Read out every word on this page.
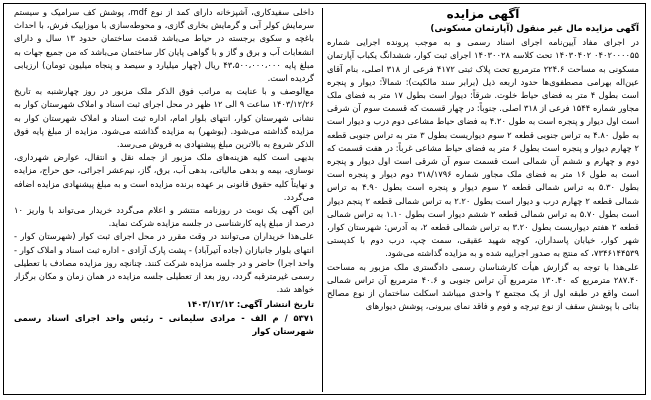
آگهی مزایده
آگهی مزایده مال غیر منقول (آپارتمان مسکونی)

در اجرای مفاد آیین‌نامه اجرای اسناد رسمی و به موجب پرونده اجرایی شماره ۰۴۰۲۰۰۰۰۵۵ ۱۴۰۳۰۴۰۲ تحت کلاسه ۱۴۰۳۰۰۲۸ اجرای ثبت کوار، ششدانگ یکباب آپارتمان مسکونی به مساحت ۲۲۴.۶ مترمربع تحت پلاک ثبتی ۴۱۷۲ فرعی از ۳۱۸ اصلی، بنام آقای عین‌اله بهرامی مصطفوی‌ها حدود اربعه ذیل (برابر سند مالکیت): شمالاً: دیوار و پنجره است بطول ۴ متر به فضای حیاط خلوت. شرقاً: دیوار است بطول ۱۷ متر به فضای ملک مجاور شماره ۱۵۴۴ فرعی از ۳۱۸ اصلی. جنوباً: در چهار قسمت که قسمت سوم آن شرقی است اول دیوار و پنجره است به طول ۴.۲۰ به فضای حیاط مشاعی دوم درب و دیوار است به طول ۴.۸۰ به تراس جنوبی قطعه ۲ سوم دیواریست بطول ۳ متر به تراس جنوبی قطعه ۲ چهارم دیوار و پنجره است بطول ۶ متر به فضای حیاط مشاعی غرباً: در هفت قسمت که دوم و چهارم و ششم آن شمالی است قسمت سوم آن شرقی است اول دیوار و پنجره است به طول ۱۶ متر به فضای ملک مجاور شماره ۳۱۸/۱۷۹۶ دوم دیوار و پنجره است بطول ۵.۳۰ به تراس شمالی قطعه ۲ سوم دیوار و پنجره است بطول ۴.۹۰ به تراس شمالی قطعه ۲ چهارم درب و دیوار است بطول ۲.۲۰ به تراس شمالی قطعه ۲ پنجم دیوار است بطول ۵.۷۰ به تراس شمالی قطعه ۲ ششم دیوار است بطول ۱.۱۰ به تراس شمالی قطعه ۲ هفتم دیواریست بطول ۳.۲۰ به تراس شمالی قطعه ۲، به آدرس: شهرستان کوار، شهر کوار، خیابان پاسداران، کوچه شهید عقیقی، سمت چپ، درب دوم با کدپستی ۷۳۴۶۱۴۴۵۳۹، که منتج به صدور اجراییه شده و به مزایده گذاشته می‌شود.
علی‌هذا با توجه به گزارش هیأت کارشناسان رسمی دادگستری ملک مزبور به مساحت ۲۸۷.۴۰ مترمربع که ۱۳۰.۴۰ مترمربع آن تراس جنوبی و ۴۰.۶ مترمربع آن تراس شمالی است واقع در طبقه اول از یک مجتمع ۲ واحدی میباشد اسکلت ساختمان از نوع مصالح بنائی با پوشش سقف از نوع تیرچه و فوم و فاقد نمای بیرونی، پوشش دیوارهای

داخلی سفیدکاری، آشپزخانه دارای کمد از نوع mdf، پوشش کف سرامیک و سیستم سرمایش کولر آبی و گرمایش بخاری گازی، و محوطه‌سازی با موزاییک فرش، با احداث باغچه و سکوی برجسته در حیاط می‌باشد قدمت ساختمان حدود ۱۳ سال و دارای انشعابات آب و برق و گاز و با گواهی پایان کار ساختمان می‌باشد که من جمیع جهات به مبلغ پایه ۴۳،۵۰۰،۰۰۰،۰۰۰ ریال (چهار میلیارد و سیصد و پنجاه میلیون تومان) ارزیابی گردیده است.
مع‌الوصف و با عنایت به مراتب فوق الذکر ملک مزبور در روز چهارشنبه به تاریخ ۱۴۰۳/۱۲/۲۶ ساعت ۹ الی ۱۲ ظهر در محل اجرای ثبت اسناد و املاک شهرستان کوار به نشانی شهرستان کوار، انتهای بلوار امام، اداره ثبت اسناد و املاک شهرستان کوار به مزایده گذاشته می‌شود. (بوشهر) به مزایده گذاشته می‌شود. مزایده از مبلغ پایه فوق الذکر شروع به بالاترین مبلغ پیشنهادی به فروش می‌رسد.
بدیهی است کلیه هزینه‌های ملک مزبور از جمله نقل و انتقال، عوارض شهرداری، نوسازی، بیمه و بدهی مالیاتی، بدهی آب، برق، گاز، نیم‌عشر اجرائی، حق حراج، مزایده و نهایتاً کلیه حقوق قانونی بر عهده برنده مزایده است و به مبلغ پیشنهادی مزایده اضافه می‌گردد.
این آگهی یک نوبت در روزنامه منتشر و اعلام می‌گردد خریدار می‌تواند با واریز ۱۰ درصد از مبلغ پایه کارشناسی در جلسه مزایده شرکت نماید.
علی‌هذا خریداران می‌توانند در وقت مقرر در محل اجرای ثبت کوار (شهرستان کوار - انتهای بلوار جانبازان (جاده آتیرآباد) - پشت پارک آزادی - اداره ثبت اسناد و املاک کوار - واحد اجرا) حاضر و در جلسه مزایده شرکت کنند. چنانچه روز مزایده مصادف با تعطیلی رسمی غیرمترقبه گردد، روز بعد از تعطیلی جلسه مزایده در همان زمان و مکان برگزار خواهد شد.

تاریخ انتشار آگهی: ۱۴۰۳/۱۲/۱۲
۵۳۷۱ / م الف - مرادی سلیمانی - رئیس واحد اجرای اسناد رسمی شهرستان کوار
